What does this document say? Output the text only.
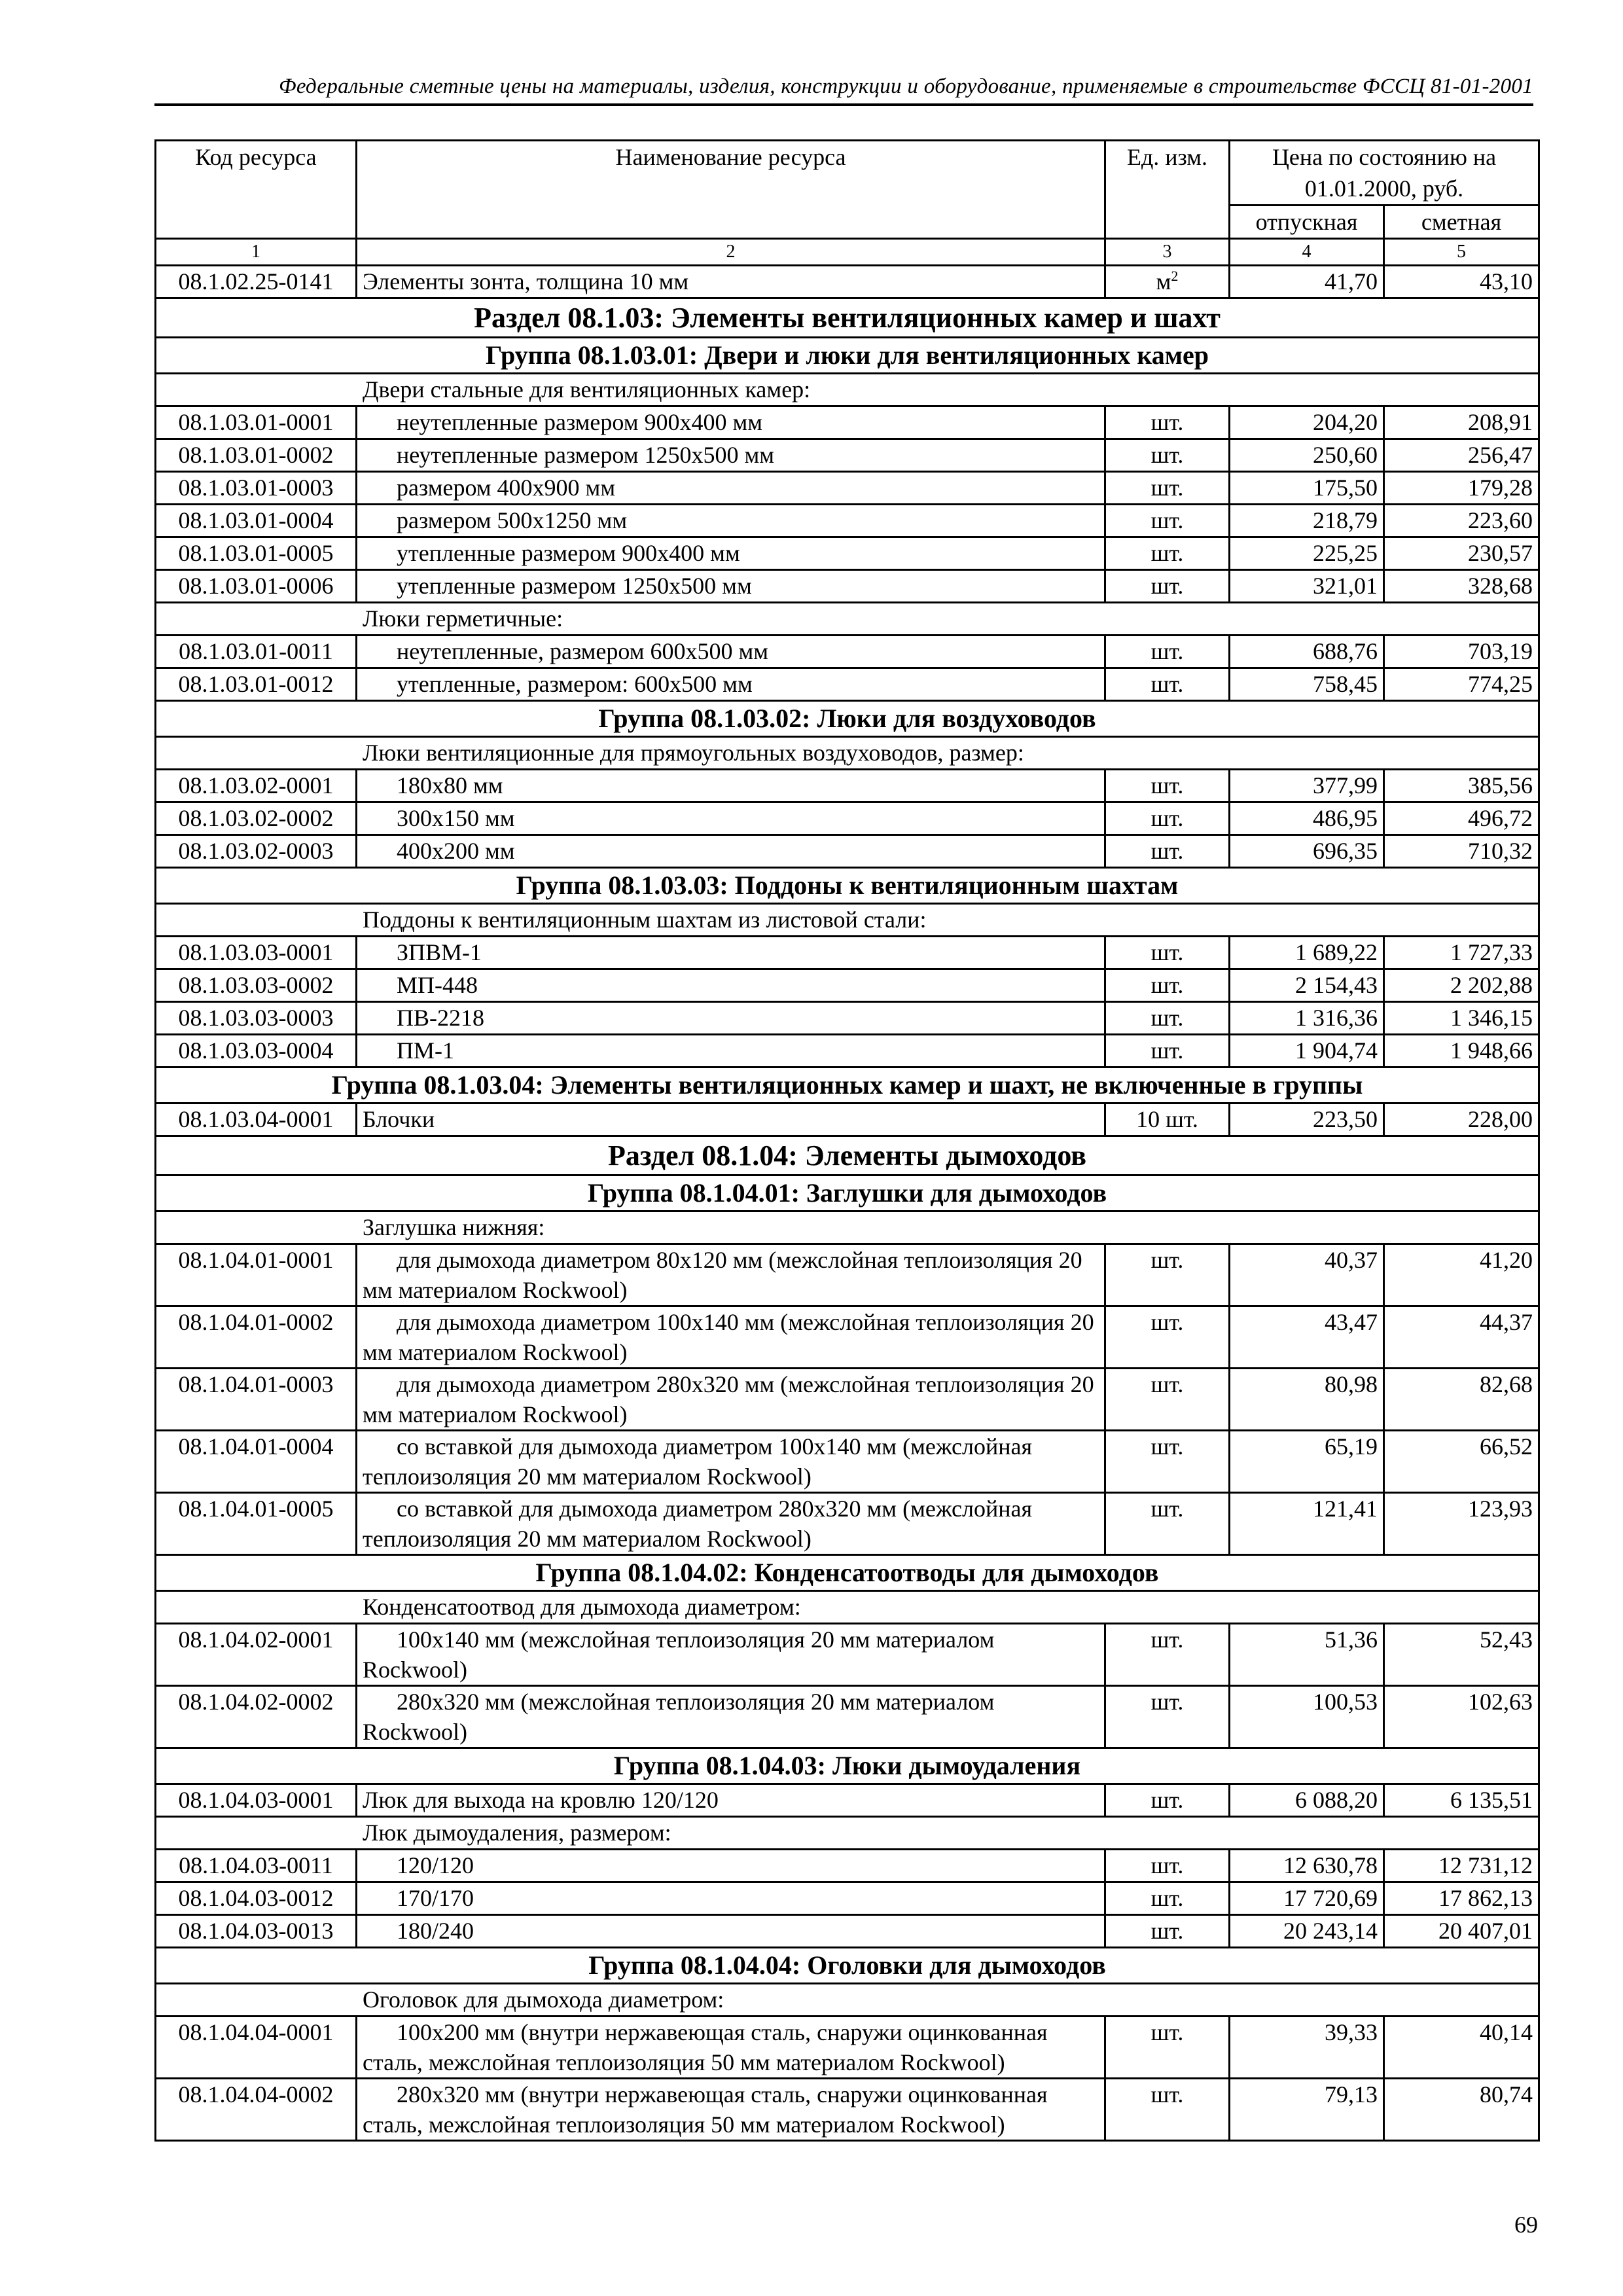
Федеральные сметные цены на материалы, изделия, конструкции и оборудование, применяемые в строительстве ФССЦ 81-01-2001
Код ресурса	Наименование ресурса	Ед. изм.	Цена по состоянию на 01.01.2000, руб.	
			отпускная	сметная
1	2	3	4	5
08.1.02.25-0141	Элементы зонта, толщина 10 мм	$м^2$	41,70	43,10
Раздел 08.1.03: Элементы вентиляционных камер и шахт				
Группа 08.1.03.01: Двери и люки для вентиляционных камер				
Двери стальные для вентиляционных камер:				
08.1.03.01-0001	неутепленные размером 900x400 мм	шт.	204,20	208,91
08.1.03.01-0002	неутепленные размером 1250x500 мм	шт.	250,60	256,47
08.1.03.01-0003	размером 400x900 мм	шт.	175,50	179,28
08.1.03.01-0004	размером 500x1250 мм	шт.	218,79	223,60
08.1.03.01-0005	утепленные размером 900x400 мм	шт.	225,25	230,57
08.1.03.01-0006	утепленные размером 1250x500 мм	шт.	321,01	328,68
Люки герметичные:				
08.1.03.01-0011	неутепленные, размером 600x500 мм	шт.	688,76	703,19
08.1.03.01-0012	утепленные, размером: 600x500 мм	шт.	758,45	774,25
Группа 08.1.03.02: Люки для воздуховодов				
Люки вентиляционные для прямоугольных воздуховодов, размер:				
08.1.03.02-0001	180x80 мм	шт.	377,99	385,56
08.1.03.02-0002	300x150 мм	шт.	486,95	496,72
08.1.03.02-0003	400x200 мм	шт.	696,35	710,32
Группа 08.1.03.03: Поддоны к вентиляционным шахтам				
Поддоны к вентиляционным шахтам из листовой стали:				
08.1.03.03-0001	ЗПВМ-1	шт.	1 689,22	1 727,33
08.1.03.03-0002	МП-448	шт.	2 154,43	2 202,88
08.1.03.03-0003	ПВ-2218	шт.	1 316,36	1 346,15
08.1.03.03-0004	ПМ-1	шт.	1 904,74	1 948,66
Группа 08.1.03.04: Элементы вентиляционных камер и шахт, не включенные в группы				
08.1.03.04-0001	Блочки	10 шт.	223,50	228,00
Раздел 08.1.04: Элементы дымоходов				
Группа 08.1.04.01: Заглушки для дымоходов				
Заглушка нижняя:				
08.1.04.01-0001	для дымохода диаметром 80x120 мм (межслойная теплоизоляция 20 мм материалом Rockwool)	шт.	40,37	41,20
08.1.04.01-0002	для дымохода диаметром 100x140 мм (межслойная теплоизоляция 20 мм материалом Rockwool)	шт.	43,47	44,37
08.1.04.01-0003	для дымохода диаметром 280x320 мм (межслойная теплоизоляция 20 мм материалом Rockwool)	шт.	80,98	82,68
08.1.04.01-0004	со вставкой для дымохода диаметром 100x140 мм (межслойная теплоизоляция 20 мм материалом Rockwool)	шт.	65,19	66,52
08.1.04.01-0005	со вставкой для дымохода диаметром 280x320 мм (межслойная теплоизоляция 20 мм материалом Rockwool)	шт.	121,41	123,93
Группа 08.1.04.02: Конденсатоотводы для дымоходов				
Конденсатоотвод для дымохода диаметром:				
08.1.04.02-0001	100x140 мм (межслойная теплоизоляция 20 мм материалом Rockwool)	шт.	51,36	52,43
08.1.04.02-0002	280x320 мм (межслойная теплоизоляция 20 мм материалом Rockwool)	шт.	100,53	102,63
Группа 08.1.04.03: Люки дымоудаления				
08.1.04.03-0001	Люк для выхода на кровлю 120/120	шт.	6 088,20	6 135,51
Люк дымоудаления, размером:				
08.1.04.03-0011	120/120	шт.	12 630,78	12 731,12
08.1.04.03-0012	170/170	шт.	17 720,69	17 862,13
08.1.04.03-0013	180/240	шт.	20 243,14	20 407,01
Группа 08.1.04.04: Оголовки для дымоходов				
Оголовок для дымохода диаметром:				
08.1.04.04-0001	100x200 мм (внутри нержавеющая сталь, снаружи оцинкованная сталь, межслойная теплоизоляция 50 мм материалом Rockwool)	шт.	39,33	40,14
08.1.04.04-0002	280x320 мм (внутри нержавеющая сталь, снаружи оцинкованная сталь, межслойная теплоизоляция 50 мм материалом Rockwool)	шт.	79,13	80,74
69
